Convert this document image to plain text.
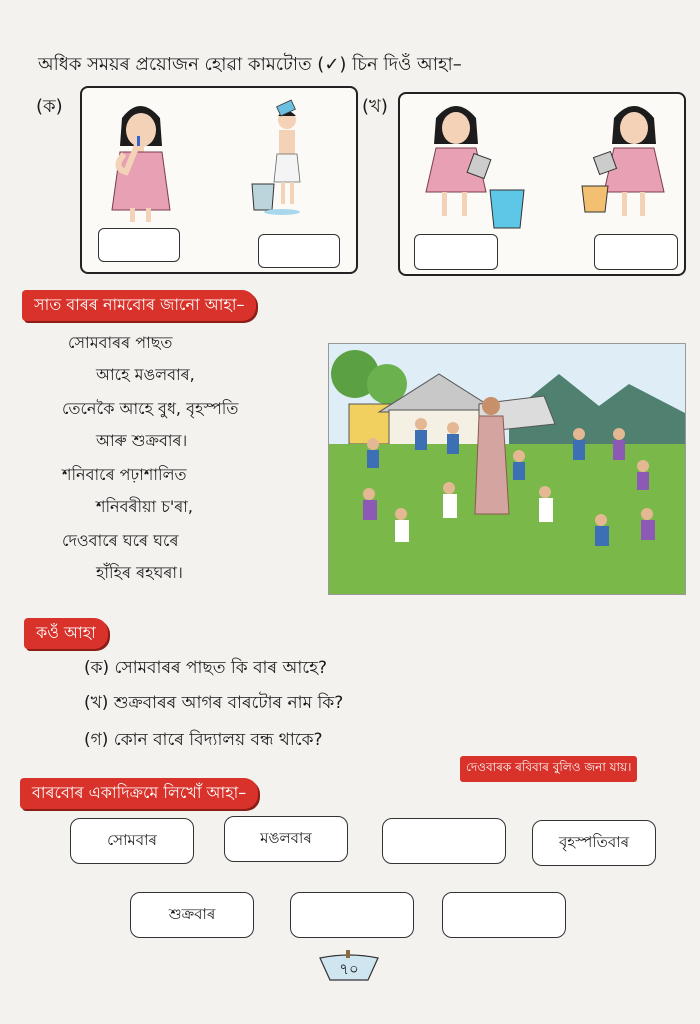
অধিক সময়ৰ প্ৰয়োজন হোৱা কামটোত (✓) চিন দিওঁ আহা–
(ক)	(খ)
সাত বাৰৰ নামবোৰ জানো আহা–
সোমবাৰৰ পাছত
আহে মঙলবাৰ,
তেনেকৈ আহে বুধ, বৃহস্পতি
আৰু শুক্ৰবাৰ।
শনিবাৰে পঢ়াশালিত
শনিবৰীয়া চ'ৰা,
দেওবাৰে ঘৰে ঘৰে
হাঁহিৰ ৰহঘৰা।
কওঁ আহা
(ক) সোমবাৰৰ পাছত কি বাৰ আহে?
(খ) শুক্ৰবাৰৰ আগৰ বাৰটোৰ নাম কি?
(গ) কোন বাৰে বিদ্যালয় বন্ধ থাকে?
দেওবাৰক ৰবিবাৰ বুলিও জনা যায়।
বাৰবোৰ একাদিক্ৰমে লিখোঁ আহা–
সোমবাৰ	মঙলবাৰ	বৃহস্পতিবাৰ
শুক্ৰবাৰ
৭০
